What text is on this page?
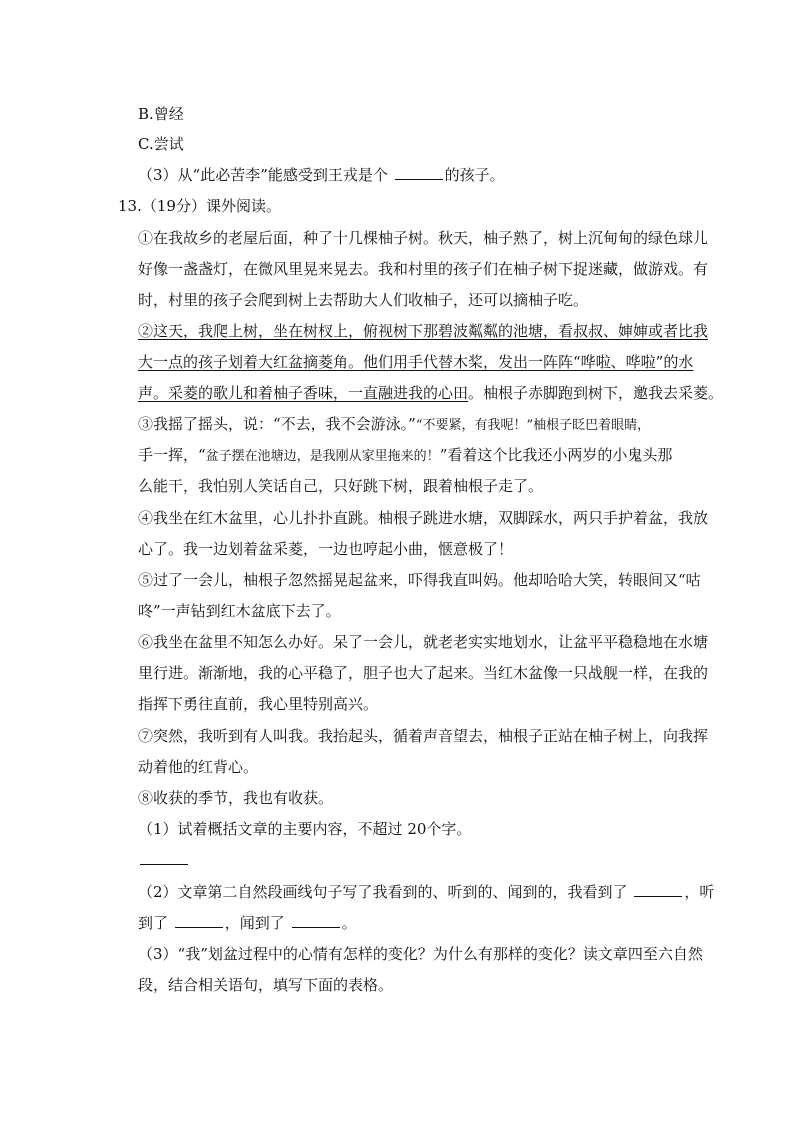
B.曾经
C.尝试
（3）从“此必苦李”能感受到王戎是个	的孩子。
13.（19分）课外阅读。
①在我故乡的老屋后面，种了十几棵柚子树。秋天，柚子熟了，树上沉甸甸的绿色球儿
好像一盏盏灯，在微风里晃来晃去。我和村里的孩子们在柚子树下捉迷藏，做游戏。有
时，村里的孩子会爬到树上去帮助大人们收柚子，还可以摘柚子吃。
②这天，我爬上树，坐在树杈上，俯视树下那碧波粼粼的池塘，看叔叔、婶婶或者比我
大一点的孩子划着大红盆摘菱角。他们用手代替木桨，发出一阵阵“哗啦、哗啦”的水
声。采菱的歌儿和着柚子香味，一直融进我的心田。柚根子赤脚跑到树下，邀我去采菱。
③我摇了摇头，说：“不去，我不会游泳。”“不要紧，有我呢！”柚根子眨巴着眼睛，
手一挥，“盆子摆在池塘边，是我刚从家里拖来的！”看着这个比我还小两岁的小鬼头那
么能干，我怕别人笑话自己，只好跳下树，跟着柚根子走了。
④我坐在红木盆里，心儿扑扑直跳。柚根子跳进水塘，双脚踩水，两只手护着盆，我放
心了。我一边划着盆采菱，一边也哼起小曲，惬意极了！
⑤过了一会儿，柚根子忽然摇晃起盆来，吓得我直叫妈。他却哈哈大笑，转眼间又“咕
咚”一声钻到红木盆底下去了。
⑥我坐在盆里不知怎么办好。呆了一会儿，就老老实实地划水，让盆平平稳稳地在水塘
里行进。渐渐地，我的心平稳了，胆子也大了起来。当红木盆像一只战舰一样，在我的
指挥下勇往直前，我心里特别高兴。
⑦突然，我听到有人叫我。我抬起头，循着声音望去，柚根子正站在柚子树上，向我挥
动着他的红背心。
⑧收获的季节，我也有收获。
（1）试着概括文章的主要内容，不超过 20个字。
（2）文章第二自然段画线句子写了我看到的、听到的、闻到的，我看到了	，听
到了	，闻到了	。
（3）“我”划盆过程中的心情有怎样的变化？为什么有那样的变化？读文章四至六自然
段，结合相关语句，填写下面的表格。
